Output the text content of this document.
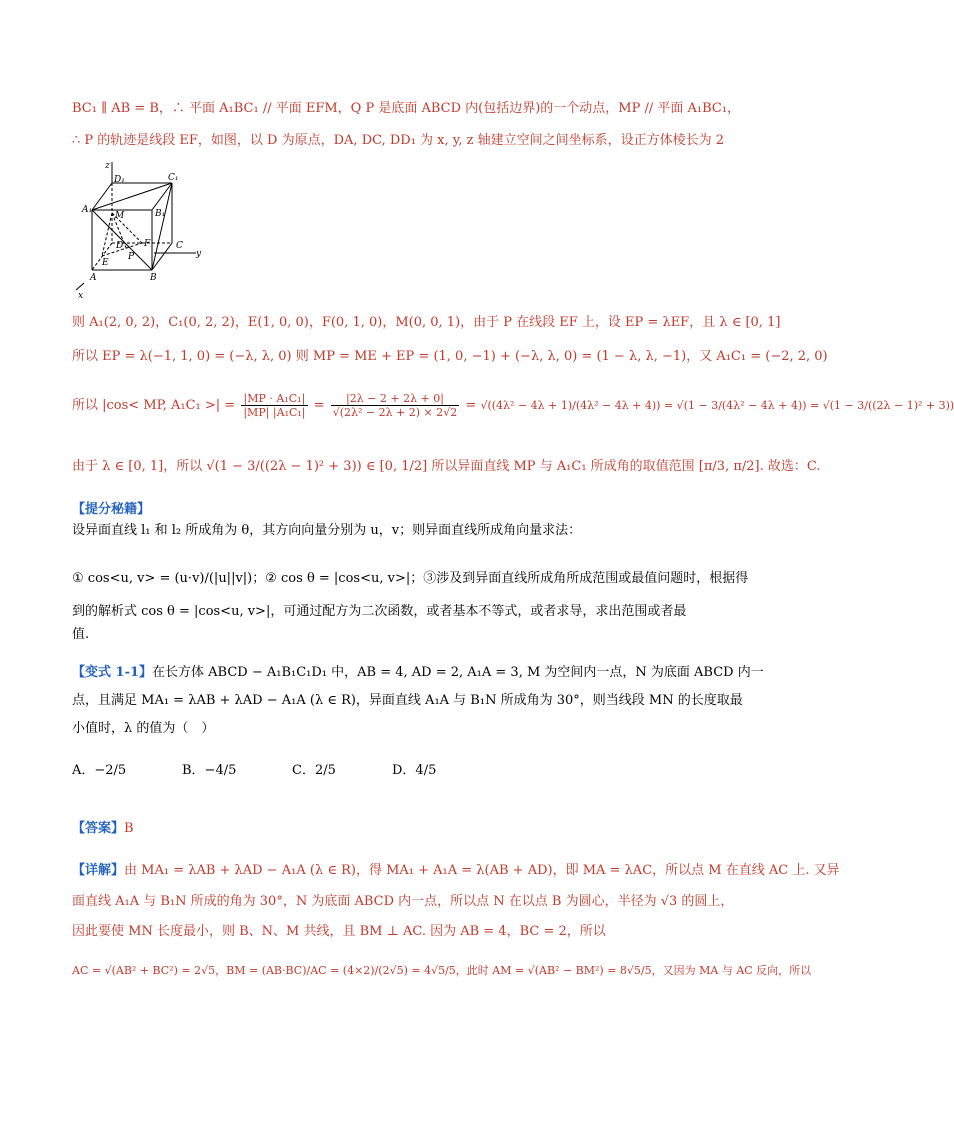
BC₁ ∥ AB = B，∴ 平面 A₁BC₁ // 平面 EFM，Q P 是底面 ABCD 内(包括边界)的一个动点，MP // 平面 A₁BC₁，
∴ P 的轨迹是线段 EF，如图，以 D 为原点，DA, DC, DD₁ 为 x, y, z 轴建立空间之间坐标系，设正方体棱长为 2
z
D₁	C₁
A₁
M	B₁
D F	C
P
E
A	B
y
x
则 A₁(2, 0, 2)，C₁(0, 2, 2)，E(1, 0, 0)，F(0, 1, 0)，M(0, 0, 1)，由于 P 在线段 EF 上，设 EP = λEF，且 λ ∈ [0, 1]
所以 EP = λ(−1, 1, 0) = (−λ, λ, 0) 则 MP = ME + EP = (1, 0, −1) + (−λ, λ, 0) = (1 − λ, λ, −1)，又 A₁C₁ = (−2, 2, 0)
所以 |cos< MP, A₁C₁ >| = $\frac{\text{|MP · A₁C₁|}}{\text{|MP| |A₁C₁|}} = \frac{|2\lambda - 2 + 2\lambda + 0|}{\text{√(2λ² − 2λ + 2) × 2√2}} = √((4\lambda^2 - 4\lambda + 1)/(4\lambda^2 - 4\lambda + 4)) = √(1 - 3/(4\lambda^2 - 4\lambda + 4)) = √(1 - 3/((2\lambda - 1)^2 + 3))$
由于 λ ∈ [0, 1]，所以 √(1 − 3/((2λ − 1)² + 3)) ∈ [0, 1/2] 所以异面直线 MP 与 A₁C₁ 所成角的取值范围 [π/3, π/2]. 故选：C.
【提分秘籍】
设异面直线 l₁ 和 l₂ 所成角为 θ，其方向向量分别为 u，v；则异面直线所成角向量求法：
① cos<u, v> = (u·v)/(|u||v|)；② cos θ = |cos<u, v>|；③涉及到异面直线所成角所成范围或最值问题时，根据得
到的解析式 cos θ = |cos<u, v>|，可通过配方为二次函数，或者基本不等式，或者求导，求出范围或者最
值.
【变式 1-1】在长方体 ABCD − A₁B₁C₁D₁ 中，AB = 4, AD = 2, A₁A = 3, M 为空间内一点，N 为底面 ABCD 内一
点，且满足 MA₁ = λAB + λAD − A₁A (λ ∈ R)，异面直线 A₁A 与 B₁N 所成角为 30°，则当线段 MN 的长度取最
小值时，λ 的值为（　）
A．−2/5	B．−4/5	C．2/5	D．4/5
【答案】B
【详解】由 MA₁ = λAB + λAD − A₁A (λ ∈ R)，得 MA₁ + A₁A = λ(AB + AD)，即 MA = λAC，所以点 M 在直线 AC 上. 又异
面直线 A₁A 与 B₁N 所成的角为 30°，N 为底面 ABCD 内一点，所以点 N 在以点 B 为圆心，半径为 √3 的圆上，
因此要使 MN 长度最小，则 B、N、M 共线，且 BM ⊥ AC. 因为 AB = 4，BC = 2，所以
AC = √(AB² + BC²) = 2√5，BM = (AB·BC)/AC = (4×2)/(2√5) = 4√5/5，此时 AM = √(AB² − BM²) = 8√5/5，又因为 MA 与 AC 反向，所以
